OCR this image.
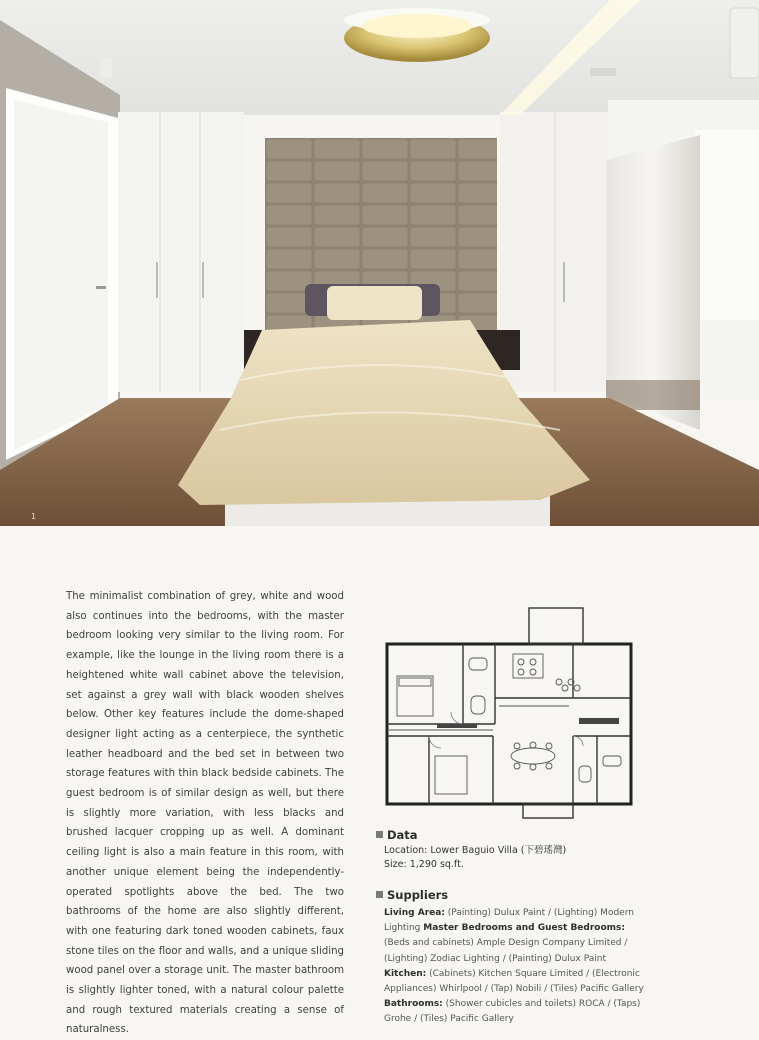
1
The minimalist combination of grey, white and wood also continues into the bedrooms, with the master bedroom looking very similar to the living room. For example, like the lounge in the living room there is a heightened white wall cabinet above the television, set against a grey wall with black wooden shelves below. Other key features include the dome-shaped designer light acting as a centerpiece, the synthetic leather headboard and the bed set in between two storage features with thin black bedside cabinets. The guest bedroom is of similar design as well, but there is slightly more variation, with less blacks and brushed lacquer cropping up as well. A dominant ceiling light is also a main feature in this room, with another unique element being the independently-operated spotlights above the bed. The two bathrooms of the home are also slightly different, with one featuring dark toned wooden cabinets, faux stone tiles on the floor and walls, and a unique sliding wood panel over a storage unit. The master bathroom is slightly lighter toned, with a natural colour palette and rough textured materials creating a sense of naturalness.
Data
Location: Lower Baguio Villa (下碧瑤灣)
Size: 1,290 sq.ft.
Suppliers
Living Area: (Painting) Dulux Paint / (Lighting) Modern Lighting Master Bedrooms and Guest Bedrooms: (Beds and cabinets) Ample Design Company Limited / (Lighting) Zodiac Lighting / (Painting) Dulux Paint Kitchen: (Cabinets) Kitchen Square Limited / (Electronic Appliances) Whirlpool / (Tap) Nobili / (Tiles) Pacific Gallery Bathrooms: (Shower cubicles and toilets) ROCA / (Taps) Grohe / (Tiles) Pacific Gallery
